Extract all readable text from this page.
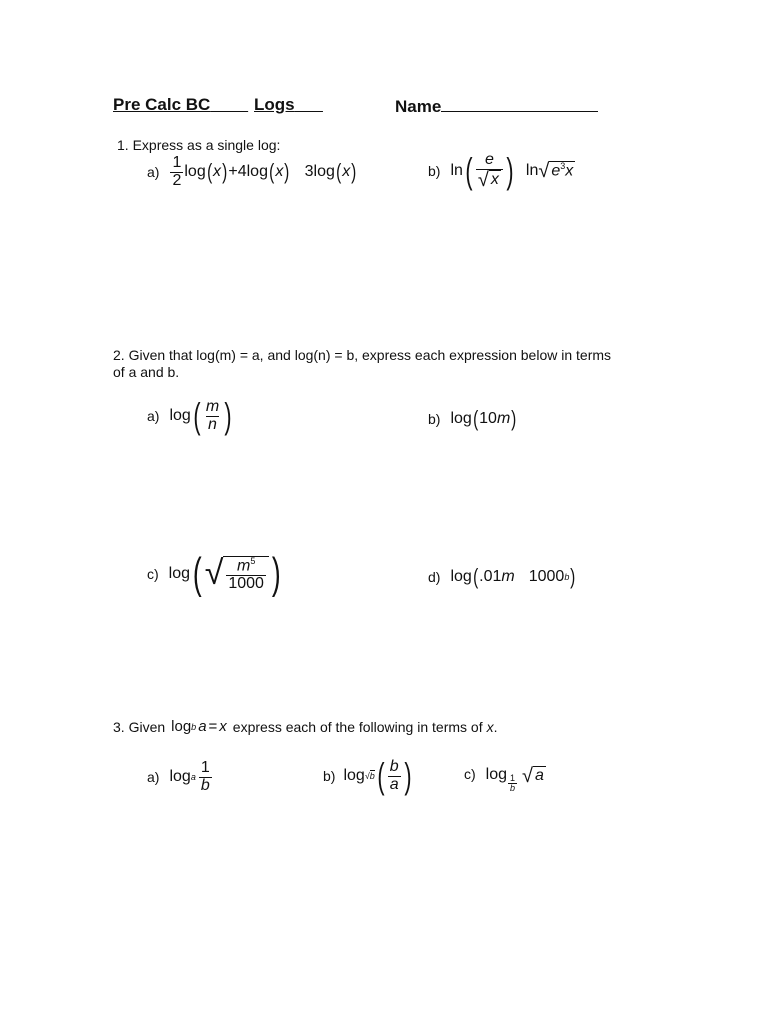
Pre Calc BC	Logs	Name
1. Express as a single log:
$a) \frac{1}{2}$ log ( x ) + 4 log ( x ) 3 log ( x )	b) ln ( $\frac{e}{√ x}$ ) ln √ $e^3x$
2. Given that log(m) = a, and log(n) = b, express each expression below in terms
of a and b.
a) log ( $\frac{m}{n}$ )	b) log ( 10 m )
c) log ( √ $\frac{m^5}{1000}$ )	d) log ( .01 m 1000 b )
3. Given log b a = x express each of the following in terms of x .
a) log a $\frac{1}{b}$	b) log √b ( $\frac{b}{a}$ )	c) $\log \frac{1}{b}$ √ a
